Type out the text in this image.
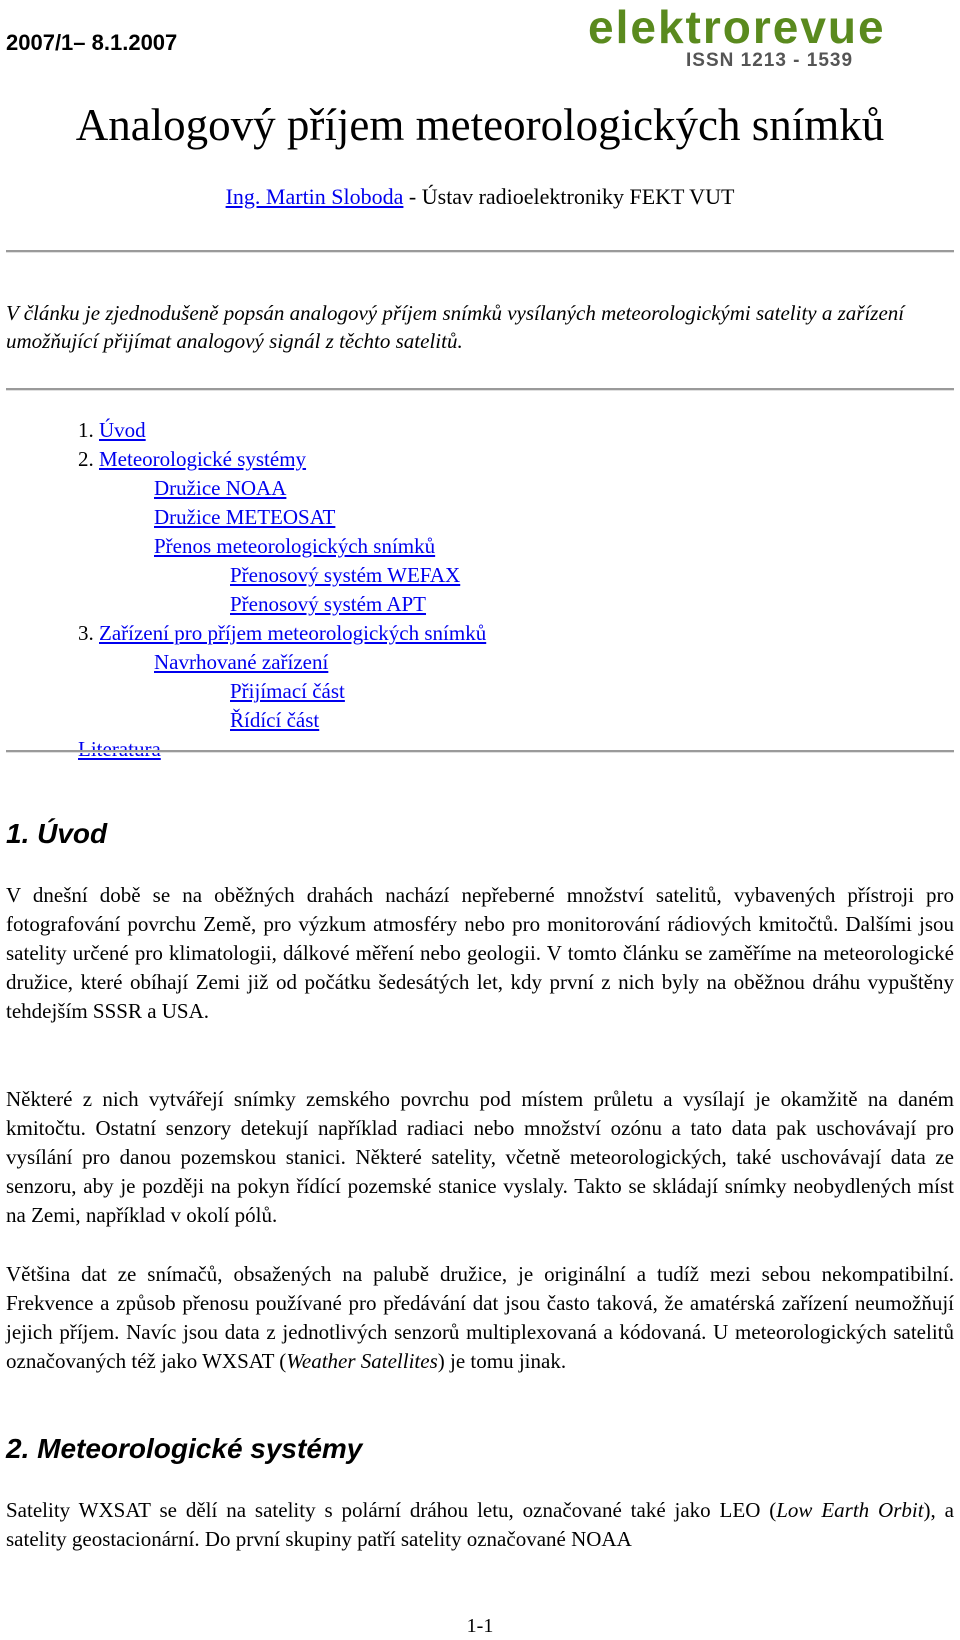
2007/1– 8.1.2007	elektrorevue
ISSN 1213 - 1539
Analogový příjem meteorologických snímků
Ing. Martin Sloboda - Ústav radioelektroniky FEKT VUT
V článku je zjednodušeně popsán analogový příjem snímků vysílaných meteorologickými satelity a zařízení umožňující přijímat analogový signál z těchto satelitů.
1. Úvod
2. Meteorologické systémy
Družice NOAA
Družice METEOSAT
Přenos meteorologických snímků
Přenosový systém WEFAX
Přenosový systém APT
3. Zařízení pro příjem meteorologických snímků
Navrhované zařízení
Přijímací část
Řídící část
Literatura
1. Úvod

V dnešní době se na oběžných drahách nachází nepřeberné množství satelitů, vybavených přístroji pro fotografování povrchu Země, pro výzkum atmosféry nebo pro monitorování rádiových kmitočtů. Dalšími jsou satelity určené pro klimatologii, dálkové měření nebo geologii. V tomto článku se zaměříme na meteorologické družice, které obíhají Zemi již od počátku šedesátých let, kdy první z nich byly na oběžnou dráhu vypuštěny tehdejším SSSR a USA.

Některé z nich vytvářejí snímky zemského povrchu pod místem průletu a vysílají je okamžitě na daném kmitočtu. Ostatní senzory detekují například radiaci nebo množství ozónu a tato data pak uschovávají pro vysílání pro danou pozemskou stanici. Některé satelity, včetně meteorologických, také uschovávají data ze senzoru, aby je později na pokyn řídící pozemské stanice vyslaly. Takto se skládají snímky neobydlených míst na Zemi, například v okolí pólů.

Většina dat ze snímačů, obsažených na palubě družice, je originální a tudíž mezi sebou nekompatibilní. Frekvence a způsob přenosu používané pro předávání dat jsou často taková, že amatérská zařízení neumožňují jejich příjem. Navíc jsou data z jednotlivých senzorů multiplexovaná a kódovaná. U meteorologických satelitů označovaných též jako WXSAT (Weather Satellites) je tomu jinak.

2. Meteorologické systémy

Satelity WXSAT se dělí na satelity s polární dráhou letu, označované také jako LEO (Low Earth Orbit), a satelity geostacionární. Do první skupiny patří satelity označované NOAA

1-1
